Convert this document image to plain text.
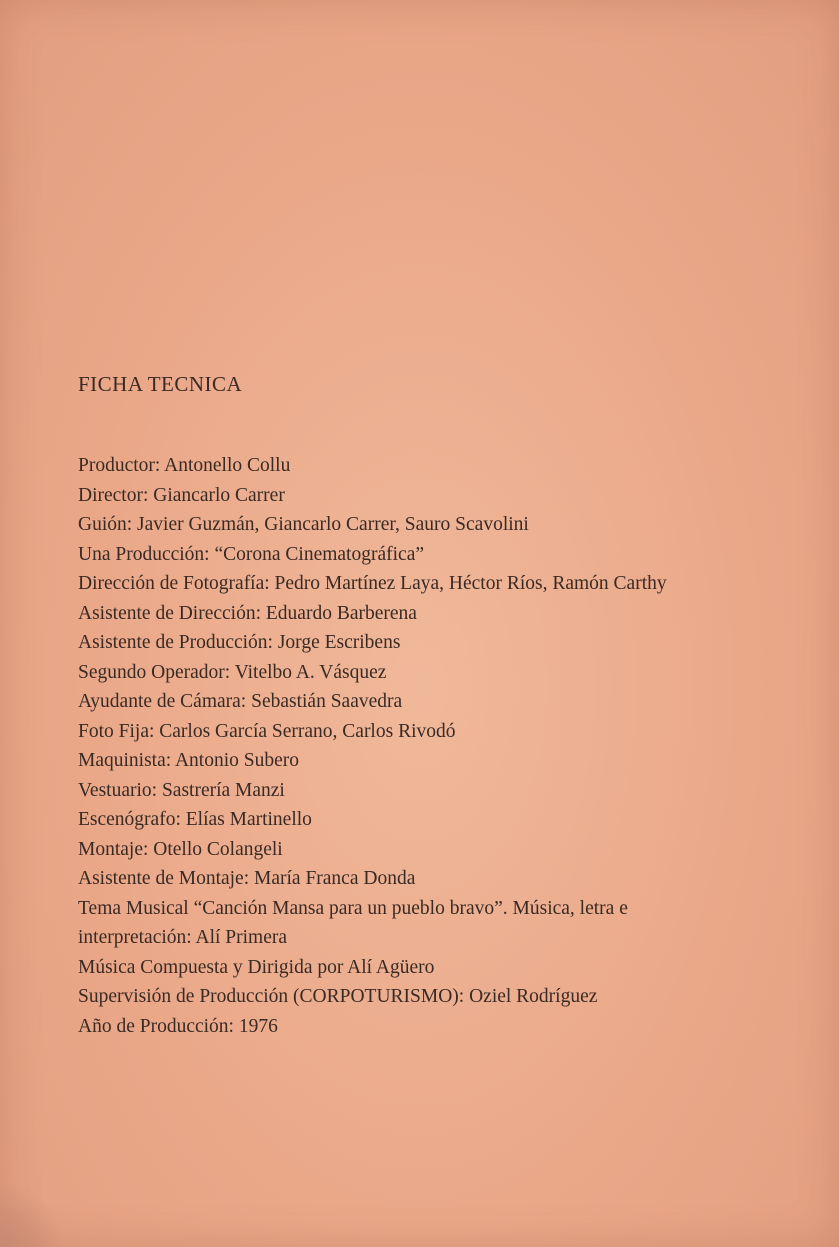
FICHA TECNICA
Productor: Antonello Collu
Director: Giancarlo Carrer
Guión: Javier Guzmán, Giancarlo Carrer, Sauro Scavolini
Una Producción: “Corona Cinematográfica”
Dirección de Fotografía: Pedro Martínez Laya, Héctor Ríos, Ramón Carthy
Asistente de Dirección: Eduardo Barberena
Asistente de Producción: Jorge Escribens
Segundo Operador: Vitelbo A. Vásquez
Ayudante de Cámara: Sebastián Saavedra
Foto Fija: Carlos García Serrano, Carlos Rivodó
Maquinista: Antonio Subero
Vestuario: Sastrería Manzi
Escenógrafo: Elías Martinello
Montaje: Otello Colangeli
Asistente de Montaje: María Franca Donda
Tema Musical “Canción Mansa para un pueblo bravo”. Música, letra e interpretación: Alí Primera
Música Compuesta y Dirigida por Alí Agüero
Supervisión de Producción (CORPOTURISMO): Oziel Rodríguez
Año de Producción: 1976
